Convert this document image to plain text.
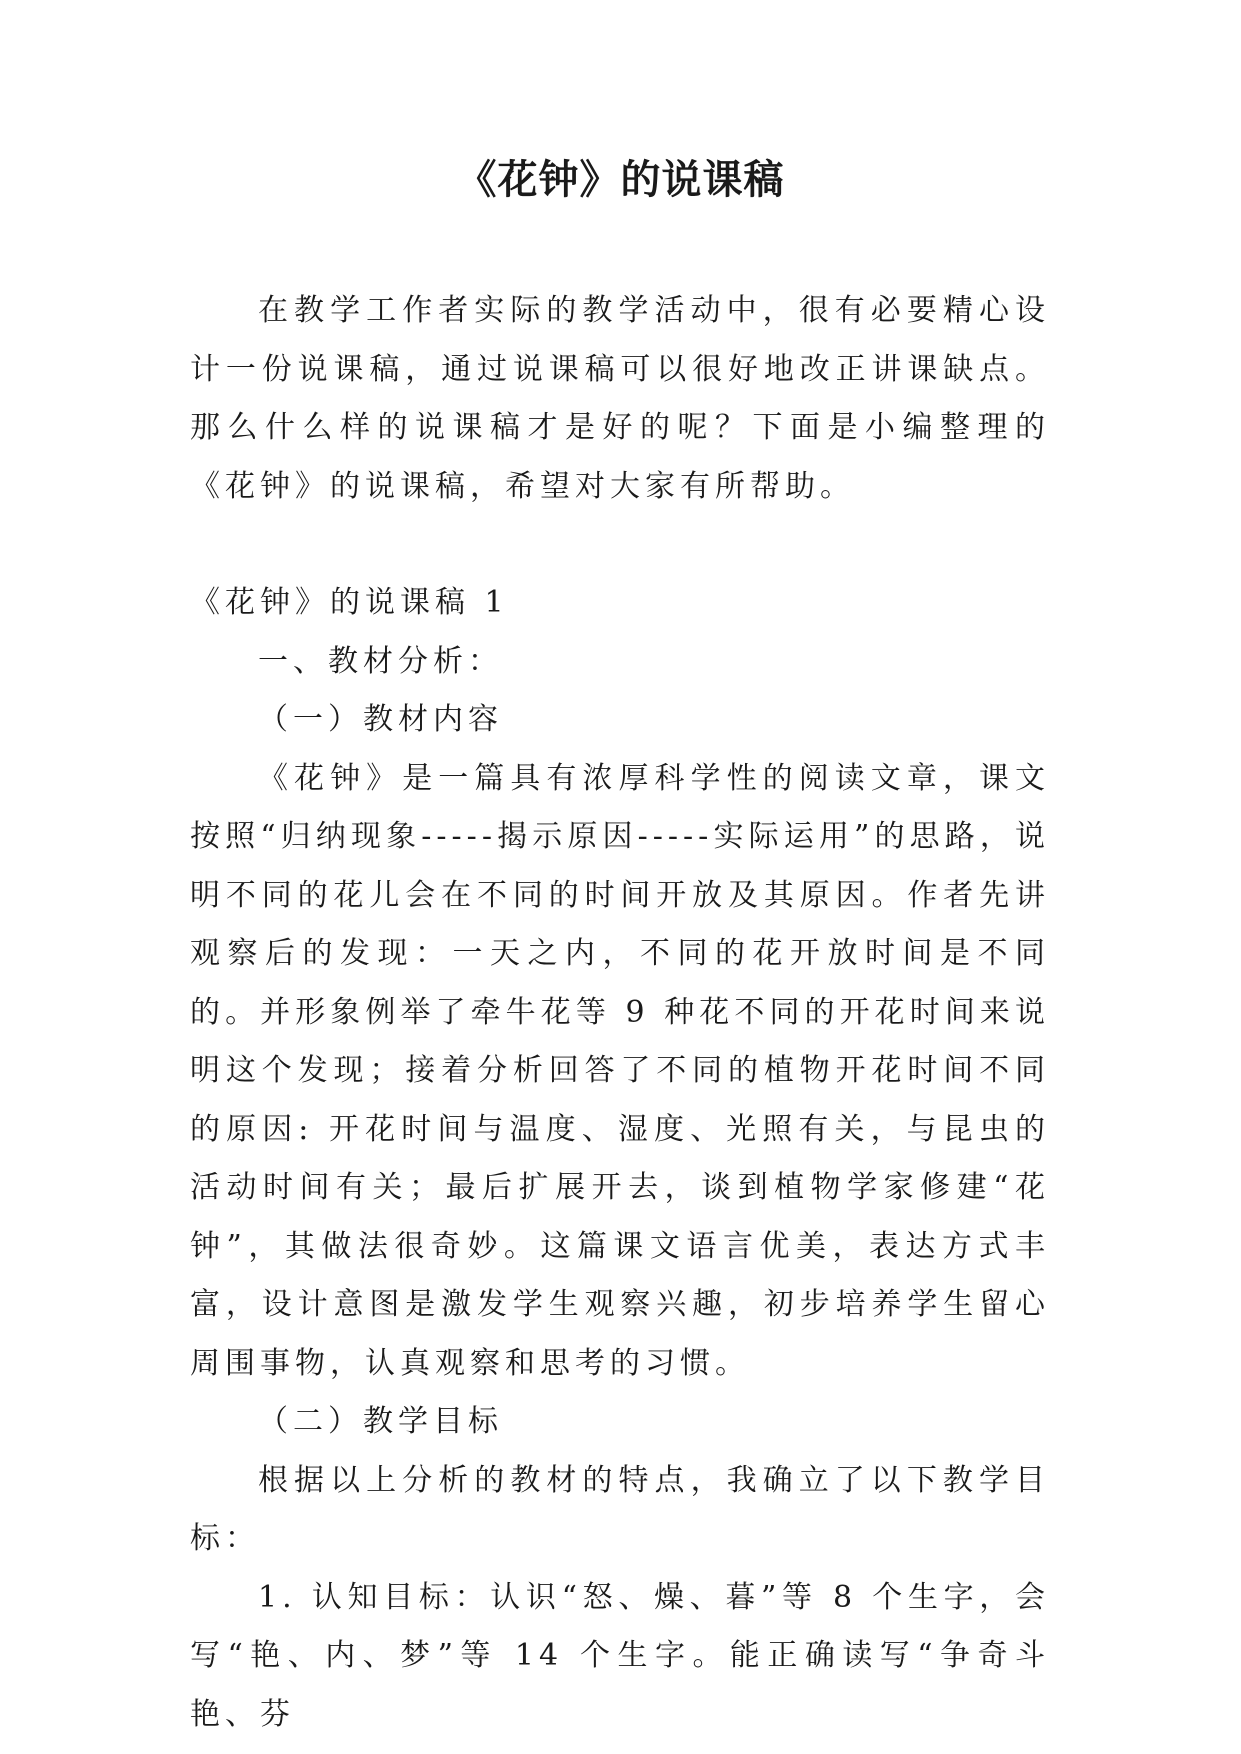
《花钟》的说课稿

在教学工作者实际的教学活动中，很有必要精心设计一份说课稿，通过说课稿可以很好地改正讲课缺点。那么什么样的说课稿才是好的呢？下面是小编整理的《花钟》的说课稿，希望对大家有所帮助。

《花钟》的说课稿 1

一、教材分析：

（一）教材内容

《花钟》是一篇具有浓厚科学性的阅读文章，课文按照“归纳现象-----揭示原因-----实际运用”的思路，说明不同的花儿会在不同的时间开放及其原因。作者先讲观察后的发现：一天之内，不同的花开放时间是不同的。并形象例举了牵牛花等 9 种花不同的开花时间来说明这个发现；接着分析回答了不同的植物开花时间不同的原因: 开花时间与温度、湿度、光照有关，与昆虫的活动时间有关；最后扩展开去，谈到植物学家修建“花钟”，其做法很奇妙。这篇课文语言优美，表达方式丰富，设计意图是激发学生观察兴趣，初步培养学生留心周围事物，认真观察和思考的习惯。

（二）教学目标

根据以上分析的教材的特点，我确立了以下教学目标：

1. 认知目标：认识“怒、燥、暮”等 8 个生字，会写“艳、内、梦”等 14 个生字。能正确读写“争奇斗艳、芬
